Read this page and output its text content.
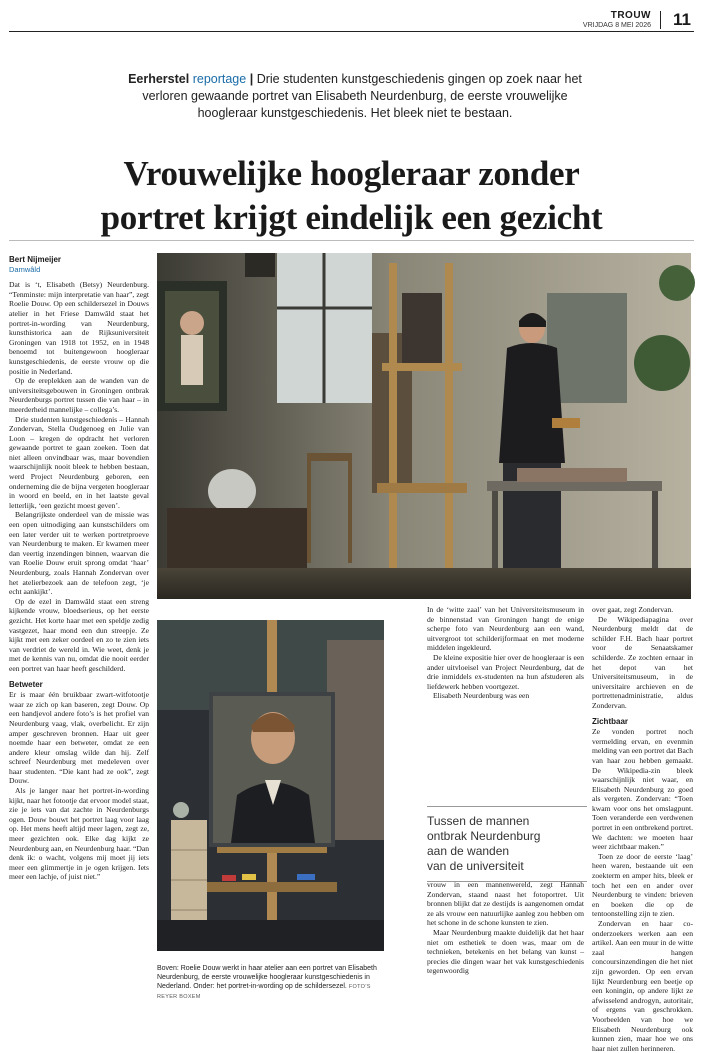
TROUW
VRIJDAG 8 MEI 2026 11
Eerherstel reportage | Drie studenten kunstgeschiedenis gingen op zoek naar het verloren gewaande portret van Elisabeth Neurdenburg, de eerste vrouwelijke hoogleraar kunstgeschiedenis. Het bleek niet te bestaan.
Vrouwelijke hoogleraar zonder
portret krijgt eindelijk een gezicht
Bert Nijmeijer
Damwâld

Dat is ‘t, Elisabeth (Betsy) Neurdenburg. “Tenminste: mijn interpretatie van haar”, zegt Roelie Douw. Op een schildersezel in Douws atelier in het Friese Damwâld staat het portret-in-wording van Neurdenburg, kunsthistorica aan de Rijksuniversiteit Groningen van 1918 tot 1952, en in 1948 benoemd tot buitengewoon hoogleraar kunstgeschiedenis, de eerste vrouw op die positie in Nederland.

Op de ereplekken aan de wanden van de universiteitsgebouwen in Groningen ontbrak Neurdenburgs portret tussen die van haar – in meerderheid mannelijke – collega’s.

Drie studenten kunstgeschiedenis – Hannah Zondervan, Stella Oudgenoeg en Julie van Loon – kregen de opdracht het verloren gewaande portret te gaan zoeken. Toen dat niet alleen onvindbaar was, maar bovendien waarschijnlijk nooit bleek te hebben bestaan, werd Project Neurdenburg geboren, een onderneming die de bijna vergeten hoogleraar in woord en beeld, en in het laatste geval letterlijk, ‘een gezicht moest geven’.

Belangrijkste onderdeel van de missie was een open uitnodiging aan kunstschilders om een later verder uit te werken portretproeve van Neurdenburg te maken. Er kwamen meer dan veertig inzendingen binnen, waarvan die van Roelie Douw eruit sprong omdat ‘haar’ Neurdenburg, zoals Hannah Zondervan over het atelierbezoek aan de telefoon zegt, ‘je echt aankijkt’.

Op de ezel in Damwâld staat een streng kijkende vrouw, bloedserieus, op het eerste gezicht. Het korte haar met een speldje zedig vastgezet, haar mond een dun streepje. Ze kijkt met een zeker oordeel en zo te zien iets van verdriet de wereld in. Wie weet, denk je met de kennis van nu, omdat die nooit eerder een portret van haar heeft geschilderd.

Betweter

Er is maar één bruikbaar zwart-witfotootje waar ze zich op kan baseren, zegt Douw. Op een handjevol andere foto’s is het profiel van Neurdenburg vaag, vlak, overbelicht. Er zijn amper geschreven bronnen. Haar uit geer noemde haar een betweter, omdat ze een andere kleur omslag wilde dan hij. Zelf schreef Neurdenburg met medeleven over haar studenten. “Die kant had ze ook”, zegt Douw.

Als je langer naar het portret-in-wording kijkt, naar het fotootje dat ervoor model staat, zie je iets van dat zachte in Neurdenburgs ogen. Douw bouwt het portret laag voor laag op. Het mens heeft altijd meer lagen, zegt ze, meer gezichten ook. Elke dag kijkt ze Neurdenburg aan, en Neurdenburg haar. “Dan denk ik: o wacht, volgens mij moet jij iets meer een glimmertje in je ogen krijgen. Iets meer een lachje, of juist niet.”

Boven: Roelie Douw werkt in haar atelier aan een portret van Elisabeth Neurdenburg, de eerste vrouwelijke hoogleraar kunstgeschiedenis in Nederland. Onder: het portret-in-wording op de schildersezel. FOTO’S REYER BOXEM

In de ‘witte zaal’ van het Universiteitsmuseum in de binnenstad van Groningen hangt de enige scherpe foto van Neurdenburg aan een wand, uitvergroot tot schilderijformaat en met moderne middelen ingekleurd.

De kleine expositie hier over de hoogleraar is een ander uitvloeisel van Project Neurdenburg, dat de drie inmiddels ex-studenten na hun afstuderen als liefdewerk hebben voortgezet.

Elisabeth Neurdenburg was een

Tussen de mannen
ontbrak Neurdenburg
aan de wanden
van de universiteit

vrouw in een mannenwereld, zegt Hannah Zondervan, staand naast het fotoportret. Uit bronnen blijkt dat ze destijds is aangenomen omdat ze als vrouw een natuurlijke aanleg zou hebben om het schone in de schone kunsten te zien.

Maar Neurdenburg maakte duidelijk dat het haar niet om esthetiek te doen was, maar om de technieken, betekenis en het belang van kunst – precies die dingen waar het vak kunstgeschiedenis tegenwoordig

over gaat, zegt Zondervan.

De Wikipediapagina over Neurdenburg meldt dat de schilder F.H. Bach haar portret voor de Senaatskamer schilderde. Ze zochten ernaar in het depot van het Universiteitsmuseum, in de universitaire archieven en de portrettenadministratie, aldus Zondervan.

Zichtbaar

Ze vonden portret noch vermelding ervan, en evenmin melding van een portret dat Bach van haar zou hebben gemaakt. De Wikipedia-zin bleek waarschijnlijk niet waar, en Elisabeth Neurdenburg zo goed als vergeten. Zondervan: “Toen kwam voor ons het omslagpunt. Toen veranderde een verdwenen portret in een ontbrekend portret. We dachten: we moeten haar weer zichtbaar maken.”

Toen ze door de eerste ‘laag’ heen waren, bestaande uit een zoekterm en amper hits, bleek er toch het een en ander over Neurdenburg te vinden: brieven en boeken die op de tentoonstelling zijn te zien.

Zondervan en haar co-onderzoekers werken aan een artikel. Aan een muur in de witte zaal hangen concoursinzendingen die het niet zijn geworden. Op een ervan lijkt Neurdenburg een beetje op een koningin, op andere lijkt ze afwisselend androgyn, autoritair, of ergens van geschrokken. Voorbeelden van hoe we Elisabeth Neurdenburg ook kunnen zien, maar hoe we ons haar niet zullen herinneren.
